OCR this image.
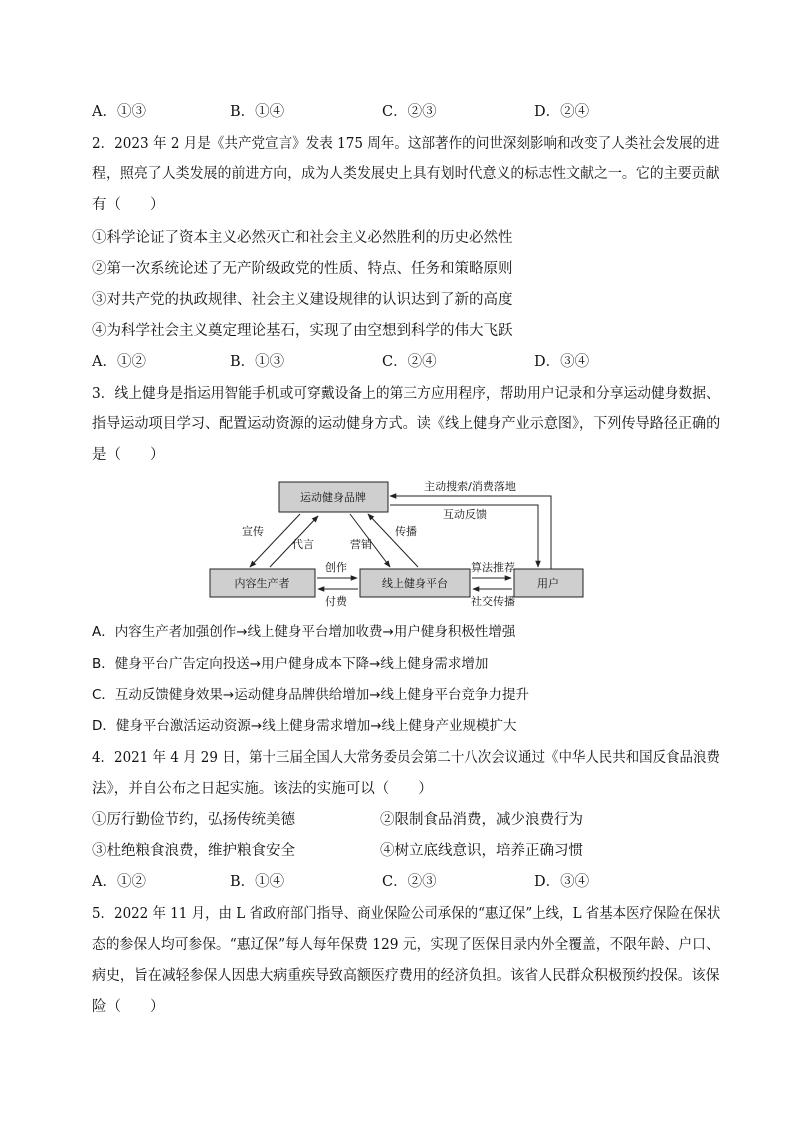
A．①③	B．①④	C．②③	D．②④
2．2023 年 2 月是《共产党宣言》发表 175 周年。这部著作的问世深刻影响和改变了人类社会发展的进
程，照亮了人类发展的前进方向，成为人类发展史上具有划时代意义的标志性文献之一。它的主要贡献
有（　　）
①科学论证了资本主义必然灭亡和社会主义必然胜利的历史必然性
②第一次系统论述了无产阶级政党的性质、特点、任务和策略原则
③对共产党的执政规律、社会主义建设规律的认识达到了新的高度
④为科学社会主义奠定理论基石，实现了由空想到科学的伟大飞跃
A．①②	B．①③	C．②④	D．③④
3．线上健身是指运用智能手机或可穿戴设备上的第三方应用程序，帮助用户记录和分享运动健身数据、
指导运动项目学习、配置运动资源的运动健身方式。读《线上健身产业示意图》，下列传导路径正确的
是（　　）
运动健身品牌
内容生产者	线上健身平台	用户
主动搜索/消费落地
互动反馈
宣传
代言	营销
传播
创作
付费
算法推荐
社交传播
A．内容生产者加强创作→线上健身平台增加收费→用户健身积极性增强
B．健身平台广告定向投送→用户健身成本下降→线上健身需求增加
C．互动反馈健身效果→运动健身品牌供给增加→线上健身平台竞争力提升
D．健身平台激活运动资源→线上健身需求增加→线上健身产业规模扩大
4．2021 年 4 月 29 日，第十三届全国人大常务委员会第二十八次会议通过《中华人民共和国反食品浪费
法》，并自公布之日起实施。该法的实施可以（　　）
①厉行勤俭节约，弘扬传统美德	②限制食品消费，减少浪费行为
③杜绝粮食浪费，维护粮食安全	④树立底线意识，培养正确习惯
A．①②	B．①④	C．②③	D．③④
5．2022 年 11 月，由 L 省政府部门指导、商业保险公司承保的“惠辽保”上线，L 省基本医疗保险在保状
态的参保人均可参保。“惠辽保”每人每年保费 129 元，实现了医保目录内外全覆盖，不限年龄、户口、
病史，旨在减轻参保人因患大病重疾导致高额医疗费用的经济负担。该省人民群众积极预约投保。该保
险（　　）
